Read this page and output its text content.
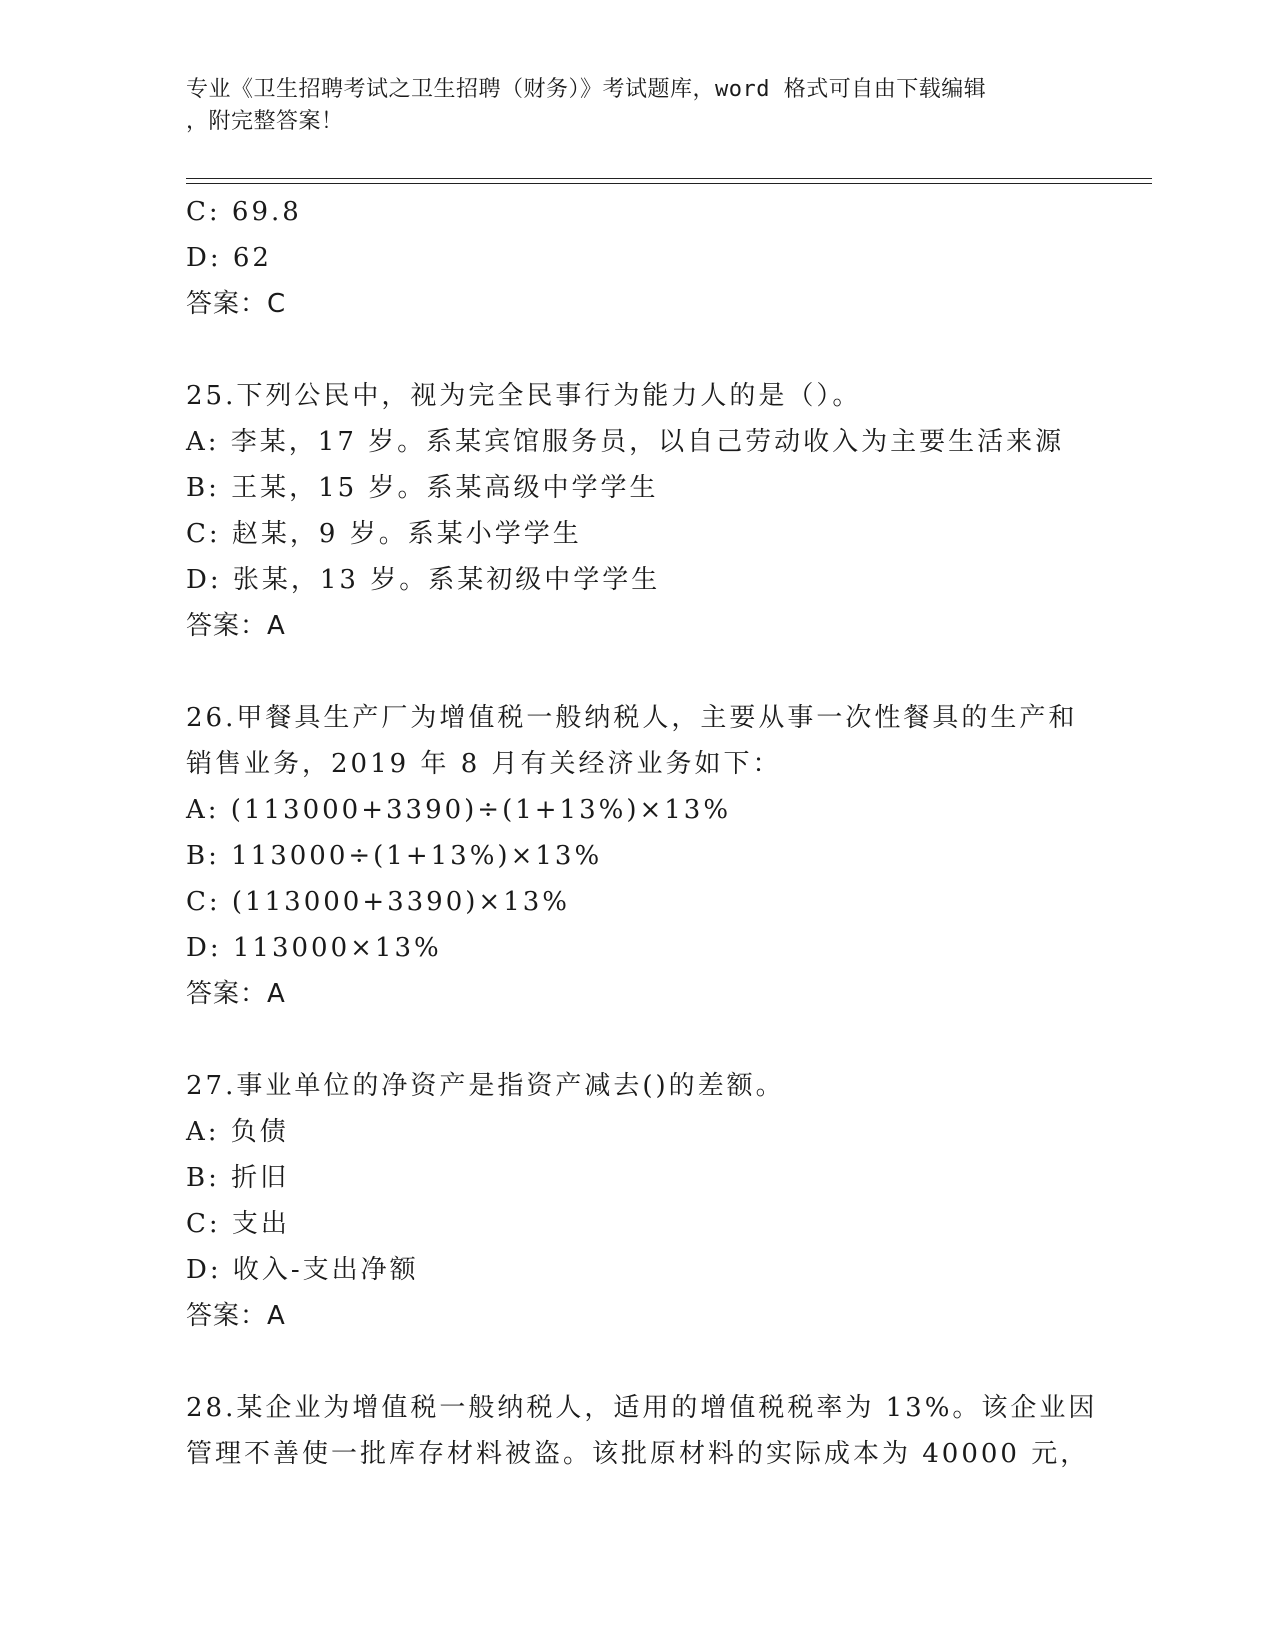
专业《卫生招聘考试之卫生招聘（财务）》考试题库，word 格式可自由下载编辑
，附完整答案！
C: 69.8
D: 62
答案：C
25.下列公民中，视为完全民事行为能力人的是（）。
A: 李某，17 岁。系某宾馆服务员，以自己劳动收入为主要生活来源
B: 王某，15 岁。系某高级中学学生
C: 赵某，9 岁。系某小学学生
D: 张某，13 岁。系某初级中学学生
答案：A
26.甲餐具生产厂为增值税一般纳税人，主要从事一次性餐具的生产和
销售业务，2019 年 8 月有关经济业务如下：
A: (113000+3390)÷(1+13%)×13%
B: 113000÷(1+13%)×13%
C: (113000+3390)×13%
D: 113000×13%
答案：A
27.事业单位的净资产是指资产减去()的差额。
A: 负债
B: 折旧
C: 支出
D: 收入-支出净额
答案：A
28.某企业为增值税一般纳税人，适用的增值税税率为 13%。该企业因
管理不善使一批库存材料被盗。该批原材料的实际成本为 40000 元，
